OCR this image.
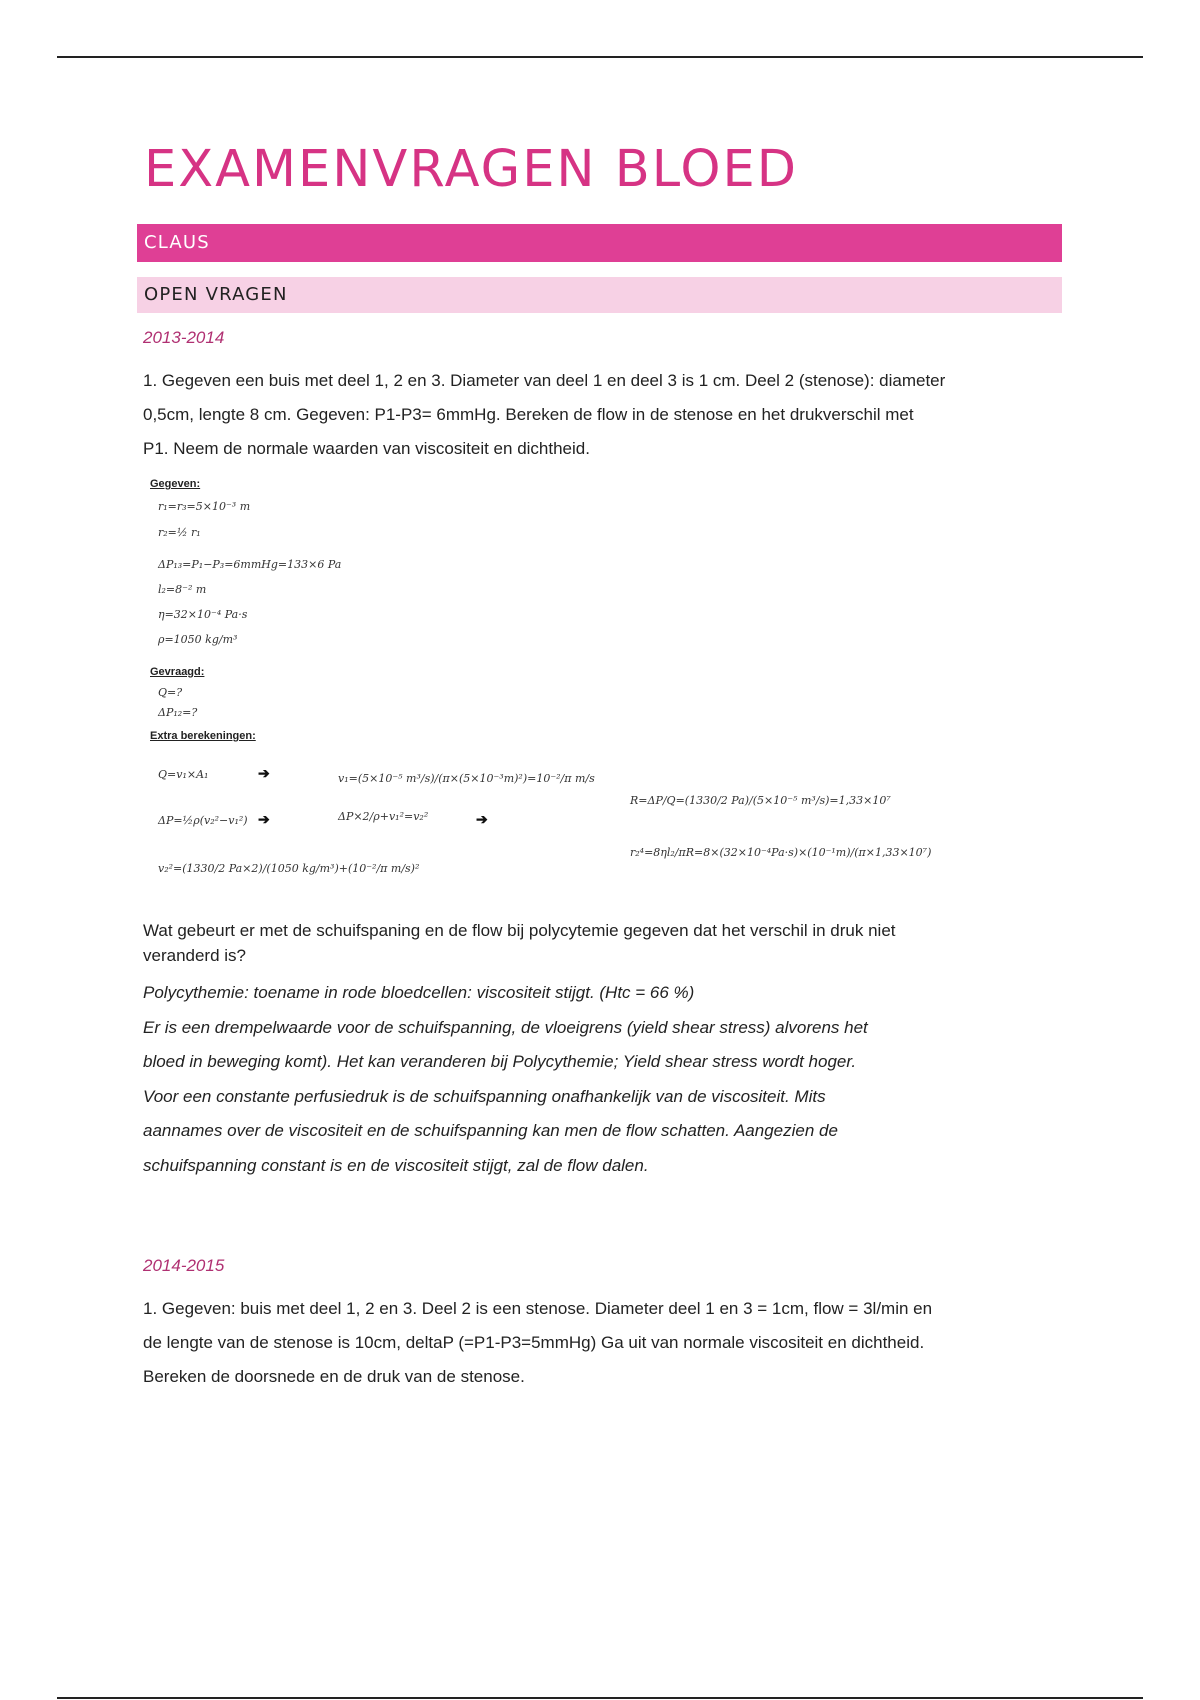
EXAMENVRAGEN BLOED
CLAUS
OPEN VRAGEN
2013-2014

1. Gegeven een buis met deel 1, 2 en 3. Diameter van deel 1 en deel 3 is 1 cm. Deel 2 (stenose): diameter
0,5cm, lengte 8 cm. Gegeven: P1-P3= 6mmHg. Bereken de flow in de stenose en het drukverschil met
P1. Neem de normale waarden van viscositeit en dichtheid.

Gegeven:
r₁=r₃=5×10⁻³ m
r₂=½ r₁
ΔP₁₃=P₁−P₃=6mmHg=133×6 Pa
l₂=8⁻² m
η=32×10⁻⁴ Pa·s
ρ=1050 kg/m³
Gevraagd:
Q=?
ΔP₁₂=?
Extra berekeningen:
Q=v₁×A₁	➔
ΔP=½ρ(v₂²−v₁²) ➔
v₂²=(1330/2 Pa×2)/(1050 kg/m³)+(10⁻²/π m/s)²
v₁=(5×10⁻⁵ m³/s)/(π×(5×10⁻³m)²)=10⁻²/π m/s
ΔP×2/ρ+v₁²=v₂²	➔
R=ΔP/Q=(1330/2 Pa)/(5×10⁻⁵ m³/s)=1,33×10⁷
r₂⁴=8ηl₂/πR=8×(32×10⁻⁴Pa·s)×(10⁻¹m)/(π×1,33×10⁷)

Wat gebeurt er met de schuifspaning en de flow bij polycytemie gegeven dat het verschil in druk niet
veranderd is?

Polycythemie: toename in rode bloedcellen: viscositeit stijgt. (Htc = 66 %)
Er is een drempelwaarde voor de schuifspanning, de vloeigrens (yield shear stress) alvorens het
bloed in beweging komt). Het kan veranderen bij Polycythemie; Yield shear stress wordt hoger.
Voor een constante perfusiedruk is de schuifspanning onafhankelijk van de viscositeit. Mits
aannames over de viscositeit en de schuifspanning kan men de flow schatten. Aangezien de
schuifspanning constant is en de viscositeit stijgt, zal de flow dalen.

2014-2015

1. Gegeven: buis met deel 1, 2 en 3. Deel 2 is een stenose. Diameter deel 1 en 3 = 1cm, flow = 3l/min en
de lengte van de stenose is 10cm, deltaP (=P1-P3=5mmHg) Ga uit van normale viscositeit en dichtheid.
Bereken de doorsnede en de druk van de stenose.
